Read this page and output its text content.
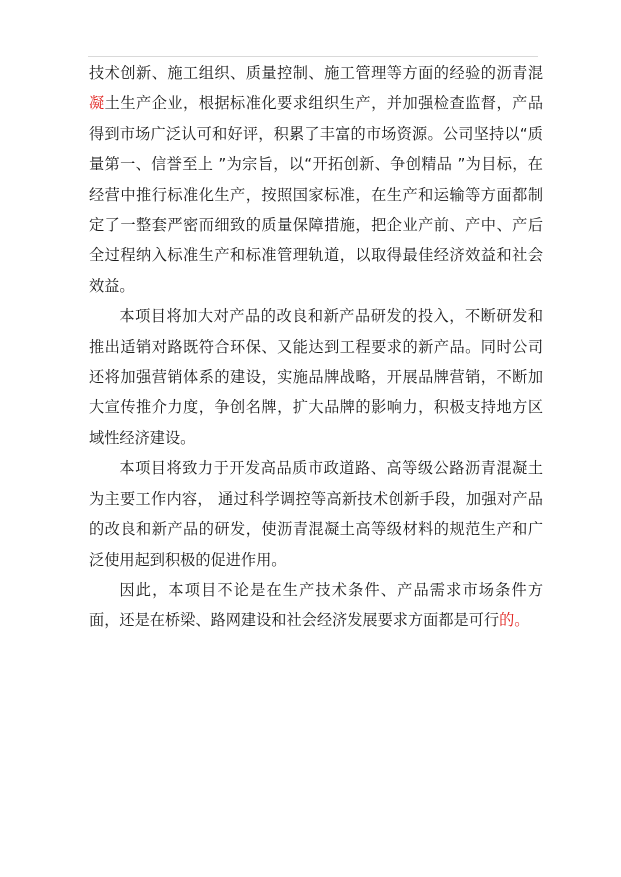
技术创新、施工组织、质量控制、施工管理等方面的经验的沥青混凝土生产企业，根据标准化要求组织生产，并加强检查监督，产品得到市场广泛认可和好评，积累了丰富的市场资源。公司坚持以“质量第一、信誉至上 ”为宗旨，以“开拓创新、争创精品 ”为目标，在经营中推行标准化生产，按照国家标准，在生产和运输等方面都制定了一整套严密而细致的质量保障措施，把企业产前、产中、产后全过程纳入标准生产和标准管理轨道，以取得最佳经济效益和社会效益。

本项目将加大对产品的改良和新产品研发的投入，不断研发和推出适销对路既符合环保、又能达到工程要求的新产品。同时公司还将加强营销体系的建设，实施品牌战略，开展品牌营销，不断加大宣传推介力度，争创名牌，扩大品牌的影响力，积极支持地方区域性经济建设。

本项目将致力于开发高品质市政道路、高等级公路沥青混凝土为主要工作内容， 通过科学调控等高新技术创新手段，加强对产品的改良和新产品的研发，使沥青混凝土高等级材料的规范生产和广泛使用起到积极的促进作用。

因此，本项目不论是在生产技术条件、产品需求市场条件方面，还是在桥梁、路网建设和社会经济发展要求方面都是可行的。
